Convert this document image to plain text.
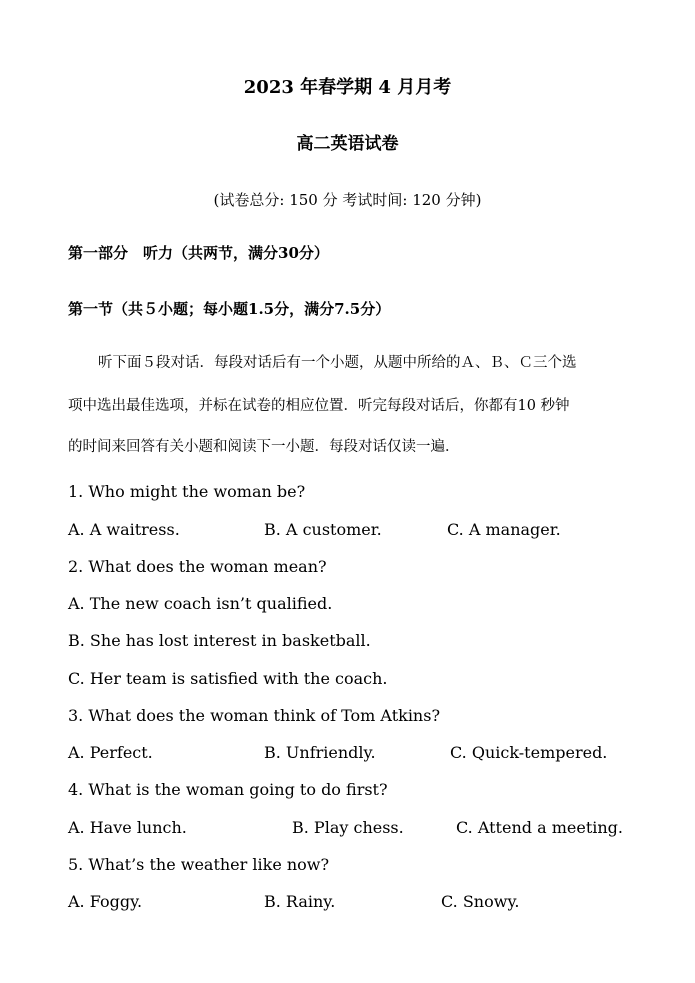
2023 年春学期 4 月月考
高二英语试卷
(试卷总分: 150 分 考试时间: 120 分钟)
第一部分　听力（共两节，满分30分）
第一节（共５小题；每小题1.5分，满分7.5分）
听下面５段对话．每段对话后有一个小题，从题中所给的Ａ、Ｂ、Ｃ三个选
项中选出最佳选项，并标在试卷的相应位置．听完每段对话后，你都有10 秒钟
的时间来回答有关小题和阅读下一小题．每段对话仅读一遍．
1. Who might the woman be?
A. A waitress.	B. A customer.	C. A manager.
2. What does the woman mean?
A. The new coach isn’t qualified.
B. She has lost interest in basketball.
C. Her team is satisfied with the coach.
3. What does the woman think of Tom Atkins?
A. Perfect.	B. Unfriendly.	C. Quick-tempered.
4. What is the woman going to do first?
A. Have lunch.	B. Play chess.	C. Attend a meeting.
5. What’s the weather like now?
A. Foggy.	B. Rainy.	C. Snowy.
